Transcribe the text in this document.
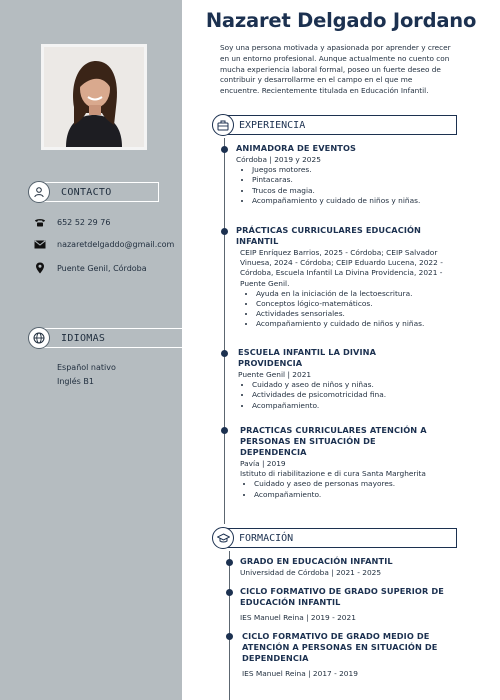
CONTACTO
652 52 29 76
nazaretdelgaddo@gmail.com
Puente Genil, Córdoba
IDIOMAS
Español nativo
Inglés B1
Nazaret Delgado Jordano
Soy una persona motivada y apasionada por aprender y crecer en un entorno profesional. Aunque actualmente no cuento con mucha experiencia laboral formal, poseo un fuerte deseo de contribuir y desarrollarme en el campo en el que me encuentre. Recientemente titulada en Educación Infantil.
EXPERIENCIA
ANIMADORA DE EVENTOS
Córdoba | 2019 y 2025
• Juegos motores.
• Pintacaras.
• Trucos de magia.
• Acompañamiento y cuidado de niños y niñas.
PRÁCTICAS CURRICULARES EDUCACIÓN INFANTIL
CEIP Enríquez Barrios, 2025 - Córdoba; CEIP Salvador Vinuesa, 2024 - Córdoba; CEIP Eduardo Lucena, 2022 - Córdoba, Escuela Infantil La Divina Providencia, 2021 - Puente Genil.
• Ayuda en la iniciación de la lectoescritura.
• Conceptos lógico-matemáticos.
• Actividades sensoriales.
• Acompañamiento y cuidado de niños y niñas.
ESCUELA INFANTIL LA DIVINA PROVIDENCIA
Puente Genil | 2021
• Cuidado y aseo de niños y niñas.
• Actividades de psicomotricidad fina.
• Acompañamiento.
PRACTICAS CURRICULARES ATENCIÓN A PERSONAS EN SITUACIÓN DE DEPENDENCIA
Pavía | 2019
Istituto di riabilitazione e di cura Santa Margherita
• Cuidado y aseo de personas mayores.
• Acompañamiento.
FORMACIÓN
GRADO EN EDUCACIÓN INFANTIL
Universidad de Córdoba | 2021 - 2025
CICLO FORMATIVO DE GRADO SUPERIOR DE EDUCACIÓN INFANTIL
IES Manuel Reina | 2019 - 2021
CICLO FORMATIVO DE GRADO MEDIO DE ATENCIÓN A PERSONAS EN SITUACIÓN DE DEPENDENCIA
IES Manuel Reina | 2017 - 2019
